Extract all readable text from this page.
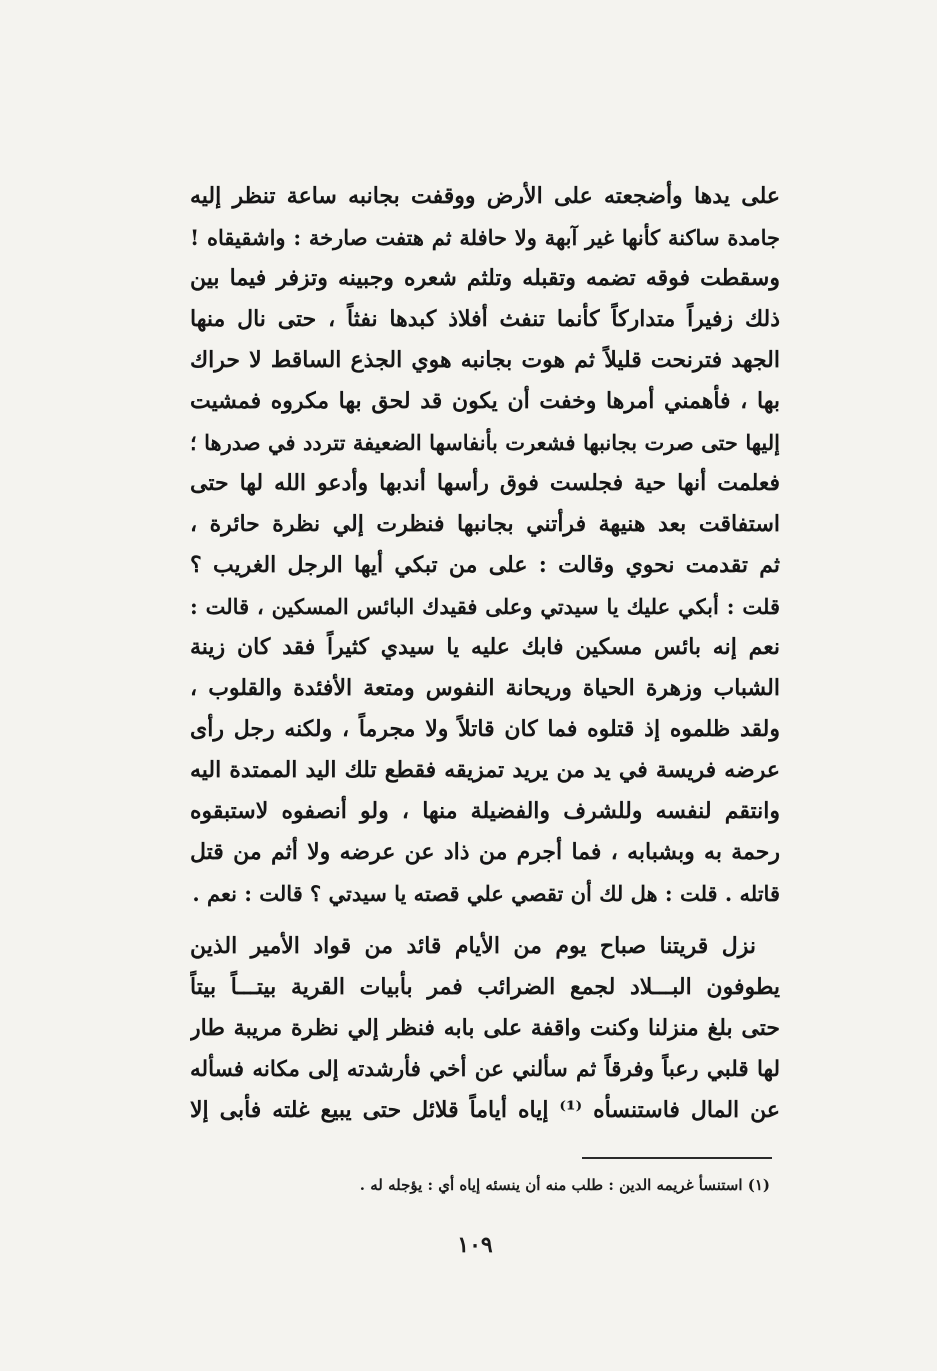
على يدها وأضجعته على الأرض ووقفت بجانبه ساعة تنظر إليه
جامدة ساكنة كأنها غير آبهة ولا حافلة ثم هتفت صارخة : واشقيقاه !
وسقطت فوقه تضمه وتقبله وتلثم شعره وجبينه وتزفر فيما بين
ذلك زفيراً متداركاً كأنما تنفث أفلاذ كبدها نفثاً ، حتى نال منها
الجهد فترنحت قليلاً ثم هوت بجانبه هوي الجذع الساقط لا حراك
بها ، فأهمني أمرها وخفت أن يكون قد لحق بها مكروه فمشيت
إليها حتى صرت بجانبها فشعرت بأنفاسها الضعيفة تتردد في صدرها ؛
فعلمت أنها حية فجلست فوق رأسها أندبها وأدعو الله لها حتى
استفاقت بعد هنيهة فرأتني بجانبها فنظرت إلي نظرة حائرة ،
ثم تقدمت نحوي وقالت : على من تبكي أيها الرجل الغريب ؟
قلت : أبكي عليك يا سيدتي وعلى فقيدك البائس المسكين ، قالت :
نعم إنه بائس مسكين فابك عليه يا سيدي كثيراً فقد كان زينة
الشباب وزهرة الحياة وريحانة النفوس ومتعة الأفئدة والقلوب ،
ولقد ظلموه إذ قتلوه فما كان قاتلاً ولا مجرماً ، ولكنه رجل رأى
عرضه فريسة في يد من يريد تمزيقه فقطع تلك اليد الممتدة اليه
وانتقم لنفسه وللشرف والفضيلة منها ، ولو أنصفوه لاستبقوه
رحمة به وبشبابه ، فما أجرم من ذاد عن عرضه ولا أثم من قتل
قاتله . قلت : هل لك أن تقصي علي قصته يا سيدتي ؟ قالت : نعم .
نزل قريتنا صباح يوم من الأيام قائد من قواد الأمير الذين
يطوفون البـــلاد لجمع الضرائب فمر بأبيات القرية بيتـــاً بيتاً
حتى بلغ منزلنا وكنت واقفة على بابه فنظر إلي نظرة مريبة طار
لها قلبي رعباً وفرقاً ثم سألني عن أخي فأرشدته إلى مكانه فسأله
عن المال فاستنسأه ⁽¹⁾ إياه أياماً قلائل حتى يبيع غلته فأبى إلا
(١) استنسأ غريمه الدين : طلب منه أن ينسئه إياه أي : يؤجله له .
١٠٩
